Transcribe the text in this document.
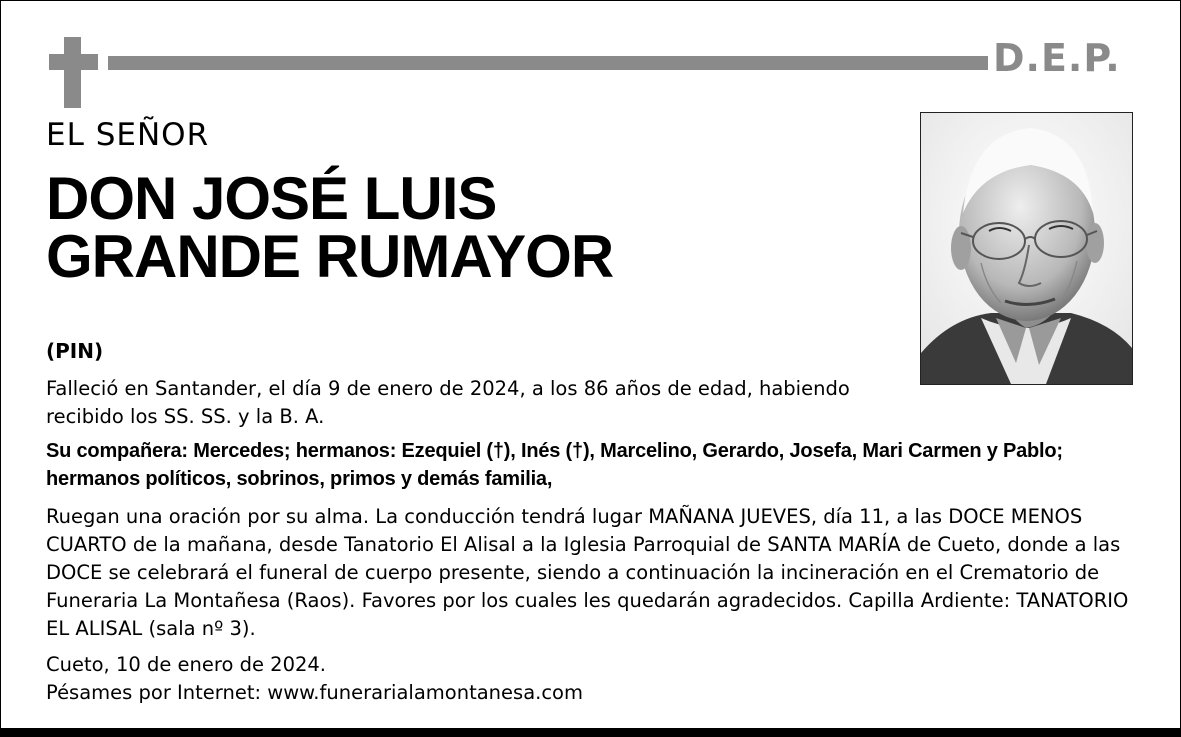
D.E.P.
EL SEÑOR
DON JOSÉ LUIS
GRANDE RUMAYOR
(PIN)
Falleció en Santander, el día 9 de enero de 2024, a los 86 años de edad, habiendo recibido los SS. SS. y la B. A.
Su compañera: Mercedes; hermanos: Ezequiel (†), Inés (†), Marcelino, Gerardo, Josefa, Mari Carmen y Pablo; hermanos políticos, sobrinos, primos y demás familia,
Ruegan una oración por su alma. La conducción tendrá lugar MAÑANA JUEVES, día 11, a las DOCE MENOS CUARTO de la mañana, desde Tanatorio El Alisal a la Iglesia Parroquial de SANTA MARÍA de Cueto, donde a las DOCE se celebrará el funeral de cuerpo presente, siendo a continuación la incineración en el Crematorio de Funeraria La Montañesa (Raos). Favores por los cuales les quedarán agradecidos. Capilla Ardiente: TANATORIO EL ALISAL (sala nº 3).
Cueto, 10 de enero de 2024.
Pésames por Internet: www.funerarialamontanesa.com
